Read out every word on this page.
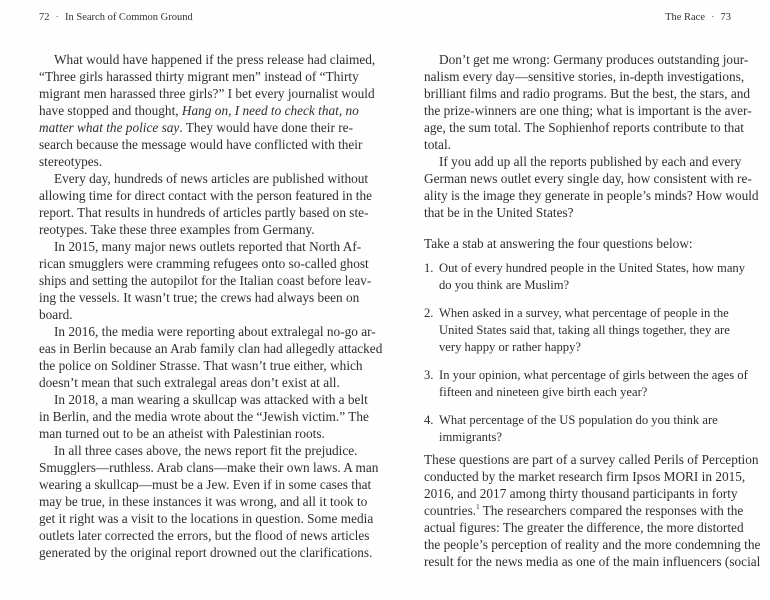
72 · In Search of Common Ground
What would have happened if the press release had claimed,
“Three girls harassed thirty migrant men” instead of “Thirty
migrant men harassed three girls?” I bet every journalist would
have stopped and thought, Hang on, I need to check that, no
matter what the police say. They would have done their re-
search because the message would have conflicted with their
stereotypes.
Every day, hundreds of news articles are published without
allowing time for direct contact with the person featured in the
report. That results in hundreds of articles partly based on ste-
reotypes. Take these three examples from Germany.
In 2015, many major news outlets reported that North Af-
rican smugglers were cramming refugees onto so-called ghost
ships and setting the autopilot for the Italian coast before leav-
ing the vessels. It wasn’t true; the crews had always been on
board.
In 2016, the media were reporting about extralegal no-go ar-
eas in Berlin because an Arab family clan had allegedly attacked
the police on Soldiner Strasse. That wasn’t true either, which
doesn’t mean that such extralegal areas don’t exist at all.
In 2018, a man wearing a skullcap was attacked with a belt
in Berlin, and the media wrote about the “Jewish victim.” The
man turned out to be an atheist with Palestinian roots.
In all three cases above, the news report fit the prejudice.
Smugglers—ruthless. Arab clans—make their own laws. A man
wearing a skullcap—must be a Jew. Even if in some cases that
may be true, in these instances it was wrong, and all it took to
get it right was a visit to the locations in question. Some media
outlets later corrected the errors, but the flood of news articles
generated by the original report drowned out the clarifications.
The Race · 73
Don’t get me wrong: Germany produces outstanding jour-
nalism every day—sensitive stories, in-depth investigations,
brilliant films and radio programs. But the best, the stars, and
the prize-winners are one thing; what is important is the aver-
age, the sum total. The Sophienhof reports contribute to that
total.
If you add up all the reports published by each and every
German news outlet every single day, how consistent with re-
ality is the image they generate in people’s minds? How would
that be in the United States?
Take a stab at answering the four questions below:
1. Out of every hundred people in the United States, how many
do you think are Muslim?
2. When asked in a survey, what percentage of people in the
United States said that, taking all things together, they are
very happy or rather happy?
3. In your opinion, what percentage of girls between the ages of
fifteen and nineteen give birth each year?
4. What percentage of the US population do you think are
immigrants?
These questions are part of a survey called Perils of Perception
conducted by the market research firm Ipsos MORI in 2015,
2016, and 2017 among thirty thousand participants in forty
countries.$^1$ The researchers compared the responses with the
actual figures: The greater the difference, the more distorted
the people’s perception of reality and the more condemning the
result for the news media as one of the main influencers (social
